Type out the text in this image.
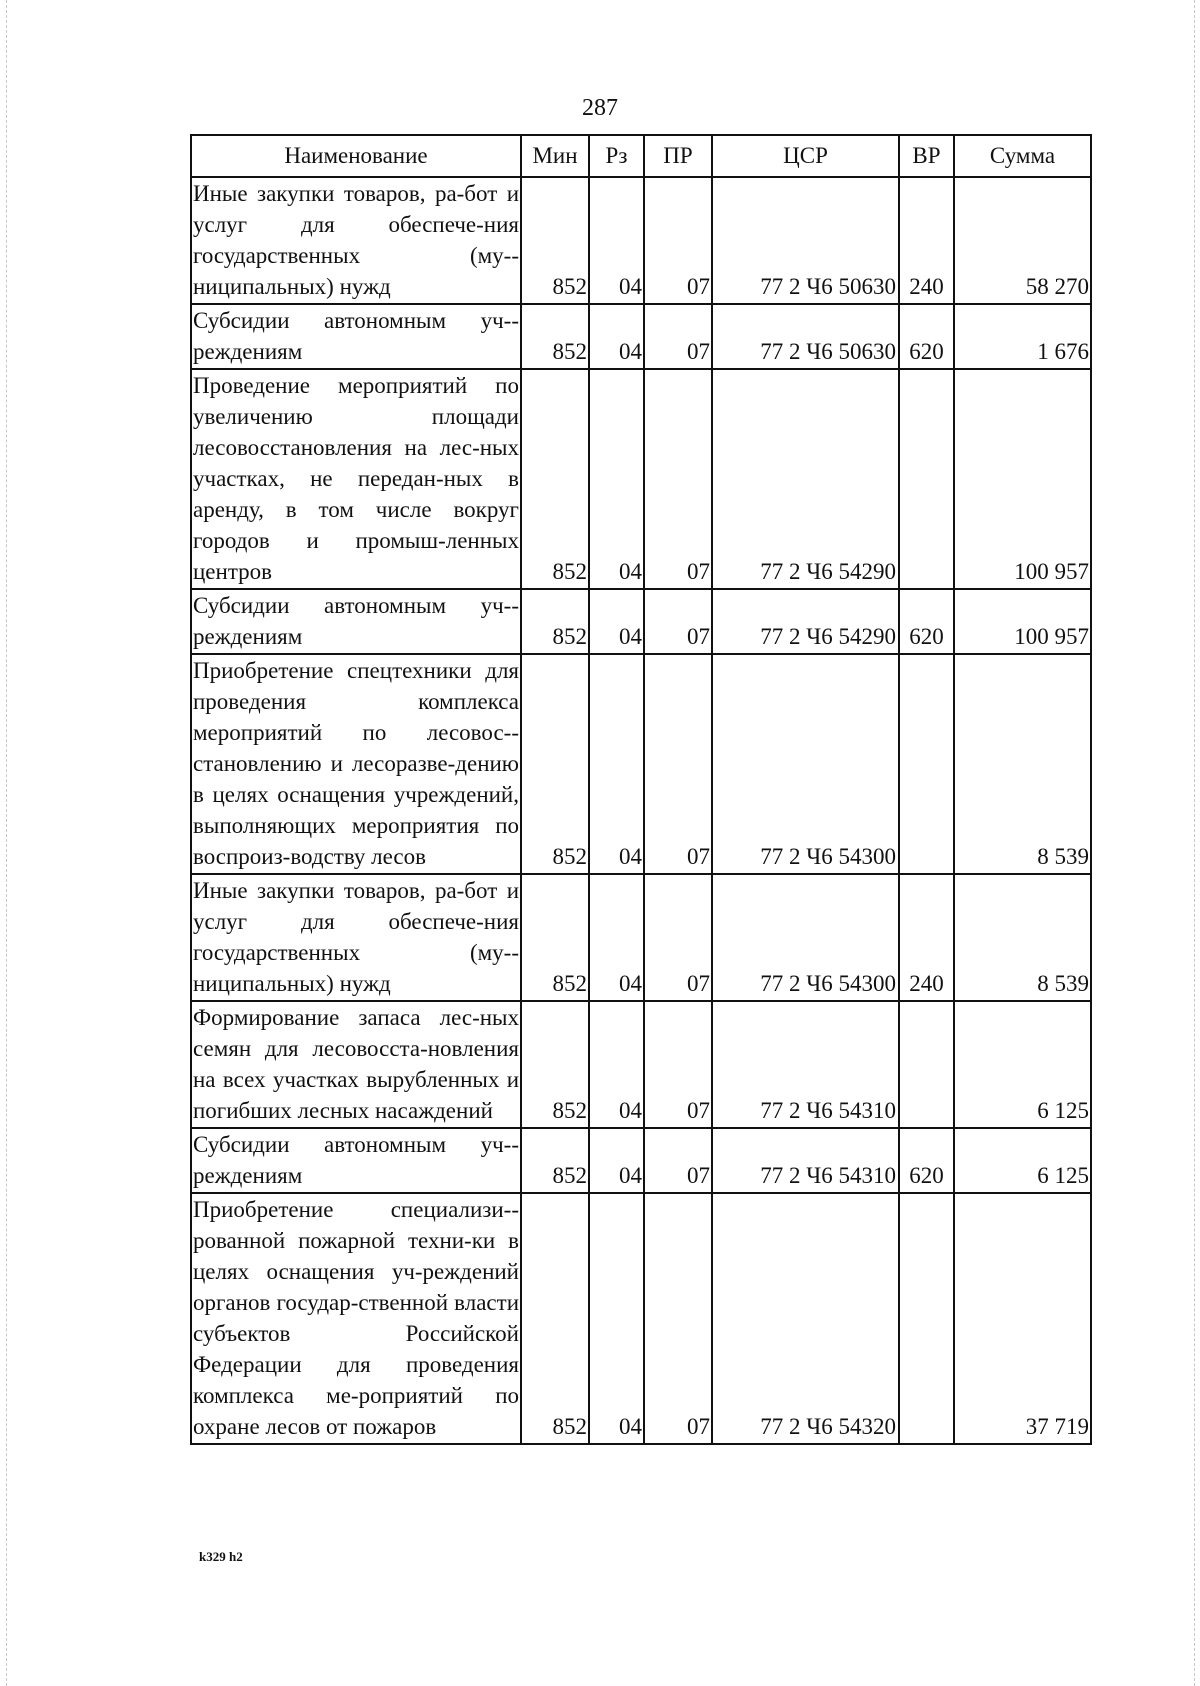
287
Наименование	Мин	Рз	ПР	ЦСР	ВР	Сумма
Иные закупки товаров, ра-бот и услуг для обеспече-ния государственных (му-ниципальных) нужд	852	04	07	77 2 Ч6 50630	240	58 270
Субсидии автономным уч-реждениям	852	04	07	77 2 Ч6 50630	620	1 676
Проведение мероприятий по увеличению площади лесовосстановления на лес-ных участках, не передан-ных в аренду, в том числе вокруг городов и промыш-ленных центров	852	04	07	77 2 Ч6 54290		100 957
Субсидии автономным уч-реждениям	852	04	07	77 2 Ч6 54290	620	100 957
Приобретение спецтехники для проведения комплекса мероприятий по лесовос-становлению и лесоразве-дению в целях оснащения учреждений, выполняющих мероприятия по воспроиз-водству лесов	852	04	07	77 2 Ч6 54300		8 539
Иные закупки товаров, ра-бот и услуг для обеспече-ния государственных (му-ниципальных) нужд	852	04	07	77 2 Ч6 54300	240	8 539
Формирование запаса лес-ных семян для лесовосста-новления на всех участках вырубленных и погибших лесных насаждений	852	04	07	77 2 Ч6 54310		6 125
Субсидии автономным уч-реждениям	852	04	07	77 2 Ч6 54310	620	6 125
Приобретение специализи-рованной пожарной техни-ки в целях оснащения уч-реждений органов государ-ственной власти субъектов Российской Федерации для проведения комплекса ме-роприятий по охране лесов от пожаров	852	04	07	77 2 Ч6 54320		37 719
k329 h2
